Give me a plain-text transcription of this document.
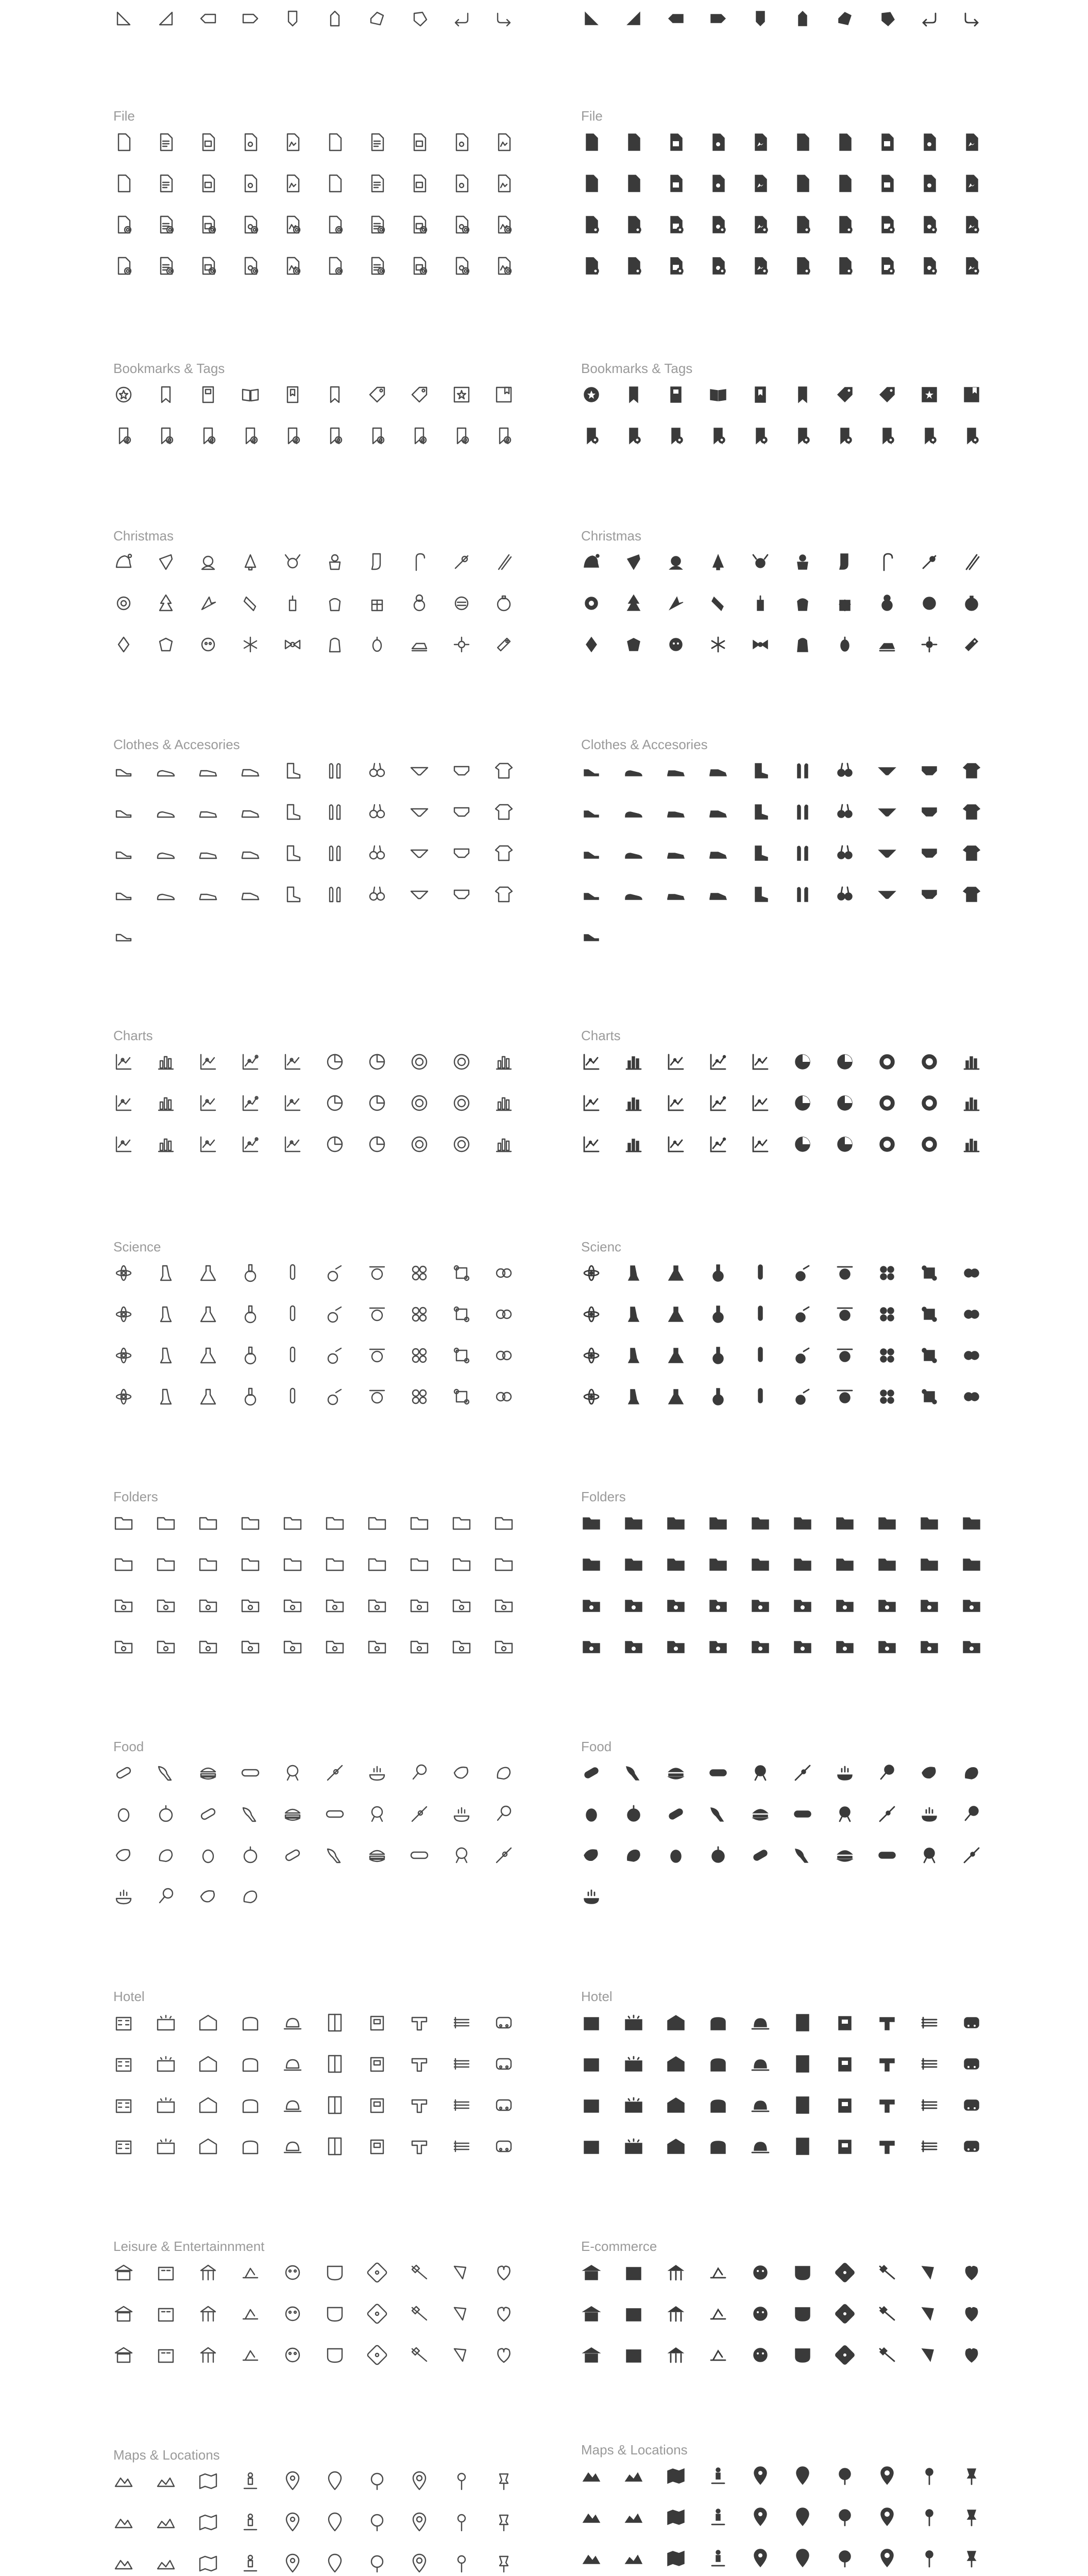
File
Bookmarks & Tags
Christmas
Clothes & Accesories
Charts
Science
Folders
Food
Hotel
Leisure & Entertainnment
Maps & Locations
File
Bookmarks & Tags
Christmas
Clothes & Accesories
Charts
Scienc
Folders
Food
Hotel
E-commerce
Maps & Locations
